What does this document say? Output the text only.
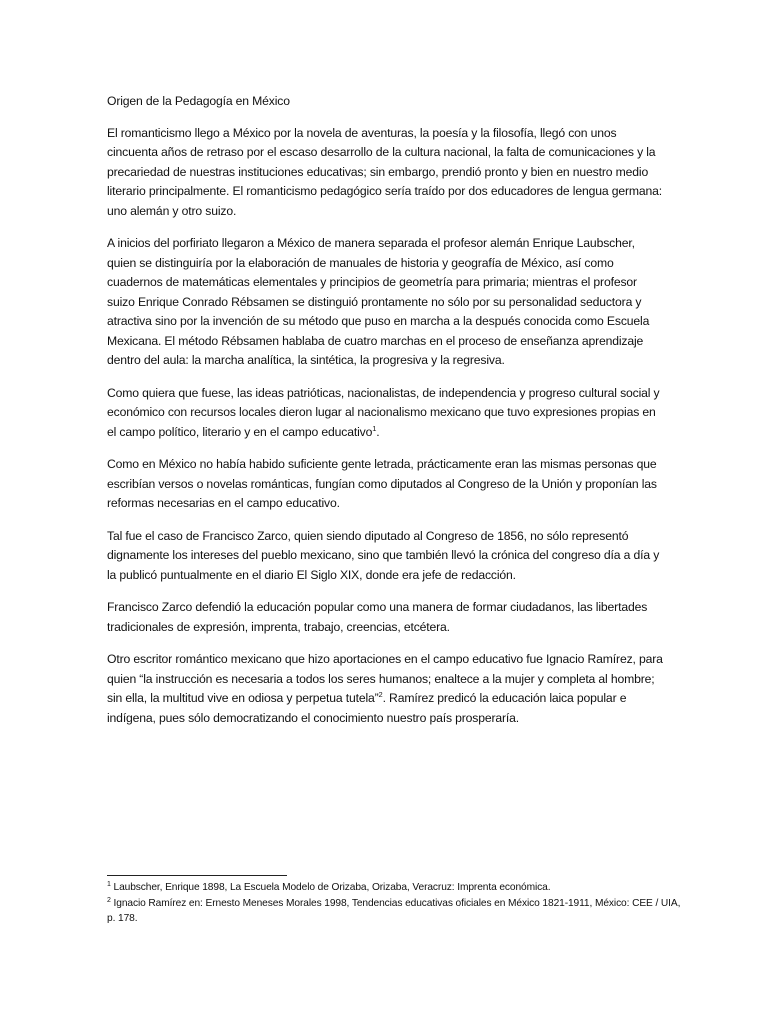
Origen de la Pedagogía en México

El romanticismo llego a México por la novela de aventuras, la poesía y la filosofía, llegó con unos cincuenta años de retraso por el escaso desarrollo de la cultura nacional, la falta de comunicaciones y la precariedad de nuestras instituciones educativas; sin embargo, prendió pronto y bien en nuestro medio literario principalmente. El romanticismo pedagógico sería traído por dos educadores de lengua germana: uno alemán y otro suizo.

A inicios del porfiriato llegaron a México de manera separada el profesor alemán Enrique Laubscher, quien se distinguiría por la elaboración de manuales de historia y geografía de México, así como cuadernos de matemáticas elementales y principios de geometría para primaria; mientras el profesor suizo Enrique Conrado Rébsamen se distinguió prontamente no sólo por su personalidad seductora y atractiva sino por la invención de su método que puso en marcha a la después conocida como Escuela Mexicana. El método Rébsamen hablaba de cuatro marchas en el proceso de enseñanza aprendizaje dentro del aula: la marcha analítica, la sintética, la progresiva y la regresiva.

Como quiera que fuese, las ideas patrióticas, nacionalistas, de independencia y progreso cultural social y económico con recursos locales dieron lugar al nacionalismo mexicano que tuvo expresiones propias en el campo político, literario y en el campo educativo$^1$.

Como en México no había habido suficiente gente letrada, prácticamente eran las mismas personas que escribían versos o novelas románticas, fungían como diputados al Congreso de la Unión y proponían las reformas necesarias en el campo educativo.

Tal fue el caso de Francisco Zarco, quien siendo diputado al Congreso de 1856, no sólo representó dignamente los intereses del pueblo mexicano, sino que también llevó la crónica del congreso día a día y la publicó puntualmente en el diario El Siglo XIX, donde era jefe de redacción.

Francisco Zarco defendió la educación popular como una manera de formar ciudadanos, las libertades tradicionales de expresión, imprenta, trabajo, creencias, etcétera.

Otro escritor romántico mexicano que hizo aportaciones en el campo educativo fue Ignacio Ramírez, para quien “la instrucción es necesaria a todos los seres humanos; enaltece a la mujer y completa al hombre; sin ella, la multitud vive en odiosa y perpetua tutela”$^2$. Ramírez predicó la educación laica popular e indígena, pues sólo democratizando el conocimiento nuestro país prosperaría.

$^1$ Laubscher, Enrique 1898, La Escuela Modelo de Orizaba, Orizaba, Veracruz: Imprenta económica.

$^2$ Ignacio Ramírez en: Ernesto Meneses Morales 1998, Tendencias educativas oficiales en México 1821-1911, México: CEE / UIA, p. 178.
